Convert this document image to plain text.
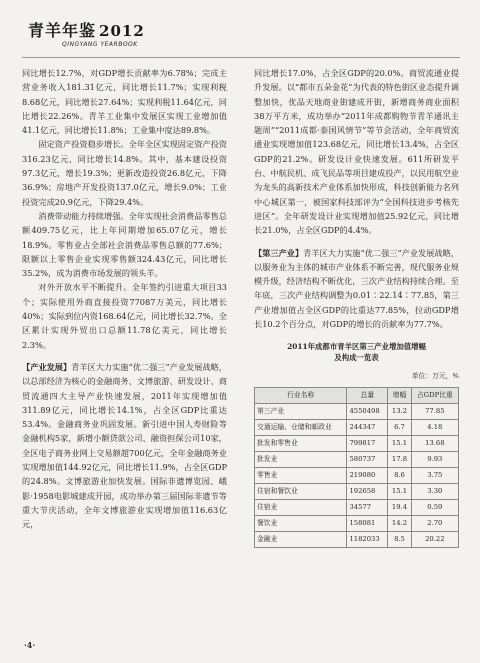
青羊年鉴 2012
QINGYANG YEARBOOK

同比增长12.7%，对GDP增长贡献率为6.78%；完成主营业务收入181.31亿元，同比增长11.7%；实现利税8.68亿元，同比增长27.64%；实现利税11.64亿元，同比增长22.26%。青羊工业集中发展区实现工业增加值41.1亿元，同比增长11.8%；工业集中度达89.8%。

固定资产投资稳步增长。全年全区实现固定资产投资316.23亿元，同比增长14.8%。其中，基本建设投资97.3亿元，增长19.3%；更新改造投资26.8亿元，下降36.9%；房地产开发投资137.0亿元，增长9.0%；工业投资完成20.9亿元，下降29.4%。

消费带动能力持续增强。全年实现社会消费品零售总额409.75亿元，比上年同期增加65.07亿元，增长18.9%。零售业占全部社会消费品零售总额的77.6%；限额以上零售企业实现零售额324.43亿元，同比增长35.2%，成为消费市场发展的领头羊。

对外开放水平不断提升。全年签约引进重大项目33个；实际使用外商直接投资77087万美元，同比增长40%；实际到位内资168.64亿元，同比增长32.7%。全区累计实现外贸出口总额11.78亿美元，同比增长2.3%。

【产业发展】青羊区大力实施“优二强三”产业发展战略，以总部经济为核心的金融商务、文博旅游、研发设计、商贸流通四大主导产业快速发展，2011年实现增加值311.89亿元，同比增长14.1%，占全区GDP比重达53.4%。金融商务业巩固发展。新引进中国人寿财险等金融机构5家，新增小额贷款公司、融资担保公司10家，全区电子商务业网上交易额超700亿元，全年金融商务业实现增加值144.92亿元，同比增长11.9%，占全区GDP的24.8%。文博旅游业加快发展。国际非遗博览园、峨影·1958电影城建成开园，成功举办第三届国际非遗节等重大节庆活动，全年文博旅游业实现增加值116.63亿元，

同比增长17.0%，占全区GDP的20.0%。商贸流通业提升发展。以“都市五朵金花”为代表的特色街区业态提升调整加快，优品天地商业街建成开街，新增商务商业面积38万平方米，成功举办“2011年成都购物节青羊通讯主题周”“2011成都·泰国风情节”等节会活动，全年商贸流通业实现增加值123.68亿元，同比增长13.4%，占全区GDP的21.2%。研发设计业快速发展。611所研发平台、中航民机、成飞民品等项目建成投产，以民用航空业为龙头的高新技术产业体系加快形成，科技创新能力名列中心城区第一，被国家科技部评为“全国科技进步考核先进区”。全年研发设计业实现增加值25.92亿元，同比增长21.0%，占全区GDP的4.4%。

【第三产业】青羊区大力实施“优二强三”产业发展战略，以服务业为主体的城市产业体系不断完善，现代服务业规模升级，经济结构不断优化，三次产业结构持续合理。至年底，三次产业结构调整为0.01∶22.14∶77.85，第三产业增加值占全区GDP的比重达77.85%，拉动GDP增长10.2个百分点，对GDP的增长的贡献率为77.7%。

2011年成都市青羊区第三产业增加值增幅
及构成一览表
单位：万元，%
行业名称	总量	增幅	占GDP比重
第三产业	4550498	13.2	77.85
交通运输、仓储和邮政业	244347	6.7	4.18
批发和零售业	799817	15.1	13.68
批发业	580737	17.8	9.93
零售业	219080	8.6	3.75
住宿和餐饮业	192658	15.1	3.30
住宿业	34577	19.4	0.59
餐饮业	158081	14.2	2.70
金融业	1182033	8.5	20.22
·4·
